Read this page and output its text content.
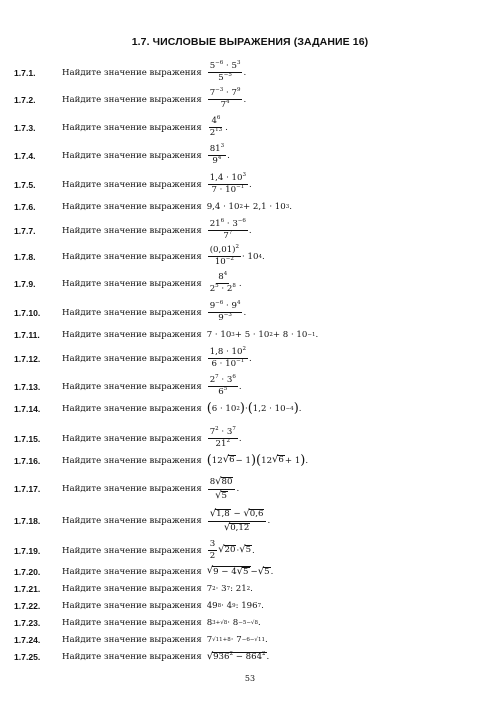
1.7. ЧИСЛОВЫЕ ВЫРАЖЕНИЯ (ЗАДАНИЕ 16)
1.7.1.	Найдите значение выражения $\frac{5^{-6} \cdot 5^3}{5^{-5}}$ .
1.7.2.	Найдите значение выражения $\frac{7^{-3} \cdot 7^9}{7^4}$ .
1.7.3.	Найдите значение выражения $\frac{4^6}{2^{13}}$ .
1.7.4.	Найдите значение выражения $\frac{81^3}{9^4}$ .
1.7.5.	Найдите значение выражения $\frac{1,4 \cdot 10^3}{7 \cdot 10^{-1}}$ .
1.7.6.	Найдите значение выражения 9,4 · 10 2 + 2,1 · 10 3 .
1.7.7.	Найдите значение выражения $\frac{21^6 \cdot 3^{-6}}{7^7}$ .
1.7.8.	Найдите значение выражения $\frac{(0,01)^2}{10^{-2}} \cdot 10$ 4 .
1.7.9.	Найдите значение выражения $\frac{8^4}{2^5 \cdot 2^8}$ .
1.7.10.	Найдите значение выражения $\frac{9^{-6} \cdot 9^4}{9^{-3}}$ .
1.7.11.	Найдите значение выражения 7 · 10 3 + 5 · 10 2 + 8 · 10 −1 .
1.7.12.	Найдите значение выражения $\frac{1,8 \cdot 10^2}{6 \cdot 10^{-1}}$ .
1.7.13.	Найдите значение выражения $\frac{2^7 \cdot 3^6}{6^5}$ .
1.7.14.	Найдите значение выражения ( 6 · 10 2 ) · ( 1,2 · 10 −4 ) .
1.7.15.	Найдите значение выражения $\frac{7^2 \cdot 3^7}{21^2}$ .
1.7.16.	Найдите значение выражения ( 12 √ 6 − 1 )( 12 √ 6 + 1 ) .
1.7.17.	Найдите значение выражения $\frac{8 √ 80}{√ 5}$ .
1.7.18.	Найдите значение выражения $\frac{√ 1,8 - √ 0,6}{√ 0,12}$ .
1.7.19.	Найдите значение выражения $\frac{3}{2}$ √ 20 · √ 5 .
1.7.20.	Найдите значение выражения √ 9 − 4 √ 5 − √ 5 .
1.7.21.	Найдите значение выражения 7 2 · 3 7 : 21 2 .
1.7.22.	Найдите значение выражения 49 8 · 4 9 : 196 7 .
1.7.23.	Найдите значение выражения 8 3+√8 · 8 −5−√8 .
1.7.24.	Найдите значение выражения 7 √11+8 · 7 −6−√11 .
1.7.25.	Найдите значение выражения √ $936^2 - 864^2$ .
53
